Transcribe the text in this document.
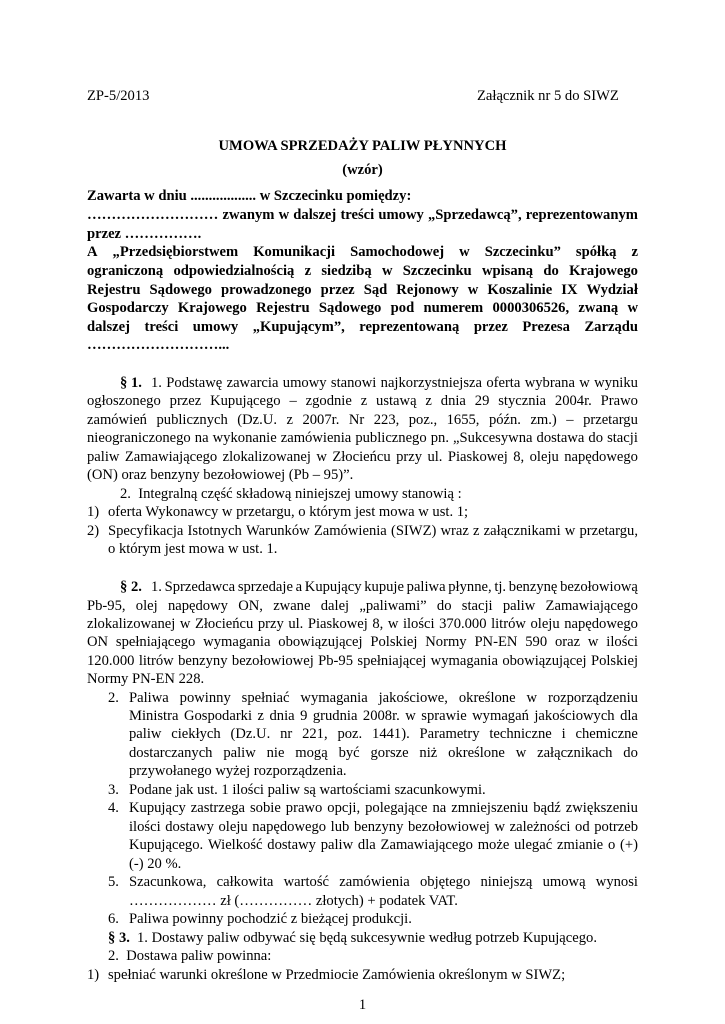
ZP-5/2013	Załącznik nr 5 do SIWZ
UMOWA SPRZEDAŻY PALIW PŁYNNYCH
(wzór)
Zawarta w dniu .................. w Szczecinku pomiędzy:
……………………… zwanym w dalszej treści umowy „Sprzedawcą”, reprezentowanym
przez …………….
A „Przedsiębiorstwem Komunikacji Samochodowej w Szczecinku” spółką z
ograniczoną odpowiedzialnością z siedzibą w Szczecinku wpisaną do Krajowego
Rejestru Sądowego prowadzonego przez Sąd Rejonowy w Koszalinie IX Wydział
Gospodarczy Krajowego Rejestru Sądowego pod numerem 0000306526, zwaną w
dalszej treści umowy „Kupującym”, reprezentowaną przez Prezesa Zarządu
………………………...
§ 1. 1. Podstawę zawarcia umowy stanowi najkorzystniejsza oferta wybrana w wyniku
ogłoszonego przez Kupującego – zgodnie z ustawą z dnia 29 stycznia 2004r. Prawo
zamówień publicznych (Dz.U. z 2007r. Nr 223, poz., 1655, późn. zm.) – przetargu
nieograniczonego na wykonanie zamówienia publicznego pn. „Sukcesywna dostawa do stacji
paliw Zamawiającego zlokalizowanej w Złocieńcu przy ul. Piaskowej 8, oleju napędowego
(ON) oraz benzyny bezołowiowej (Pb – 95)”.
2.  Integralną część składową niniejszej umowy stanowią :
1) oferta Wykonawcy w przetargu, o którym jest mowa w ust. 1;
2) Specyfikacja Istotnych Warunków Zamówienia (SIWZ) wraz z załącznikami w przetargu,
o którym jest mowa w ust. 1.
§ 2. 1. Sprzedawca sprzedaje a Kupujący kupuje paliwa płynne, tj. benzynę bezołowiową
Pb-95, olej napędowy ON, zwane dalej „paliwami” do stacji paliw Zamawiającego
zlokalizowanej w Złocieńcu przy ul. Piaskowej 8, w ilości 370.000 litrów oleju napędowego
ON spełniającego wymagania obowiązującej Polskiej Normy PN-EN 590 oraz w ilości
120.000 litrów benzyny bezołowiowej Pb-95 spełniającej wymagania obowiązującej Polskiej
Normy PN-EN 228.
2. Paliwa powinny spełniać wymagania jakościowe, określone w rozporządzeniu
Ministra Gospodarki z dnia 9 grudnia 2008r. w sprawie wymagań jakościowych dla
paliw ciekłych (Dz.U. nr 221, poz. 1441). Parametry techniczne i chemiczne
dostarczanych paliw nie mogą być gorsze niż określone w załącznikach do
przywołanego wyżej rozporządzenia.
3. Podane jak ust. 1 ilości paliw są wartościami szacunkowymi.
4. Kupujący zastrzega sobie prawo opcji, polegające na zmniejszeniu bądź zwiększeniu
ilości dostawy oleju napędowego lub benzyny bezołowiowej w zależności od potrzeb
Kupującego. Wielkość dostawy paliw dla Zamawiającego może ulegać zmianie o (+)
(-) 20 %.
5. Szacunkowa, całkowita wartość zamówienia objętego niniejszą umową wynosi
……………… zł (…………… złotych) + podatek VAT.
6. Paliwa powinny pochodzić z bieżącej produkcji.
§ 3. 1. Dostawy paliw odbywać się będą sukcesywnie według potrzeb Kupującego.
2.  Dostawa paliw powinna:
1) spełniać warunki określone w Przedmiocie Zamówienia określonym w SIWZ;
1
